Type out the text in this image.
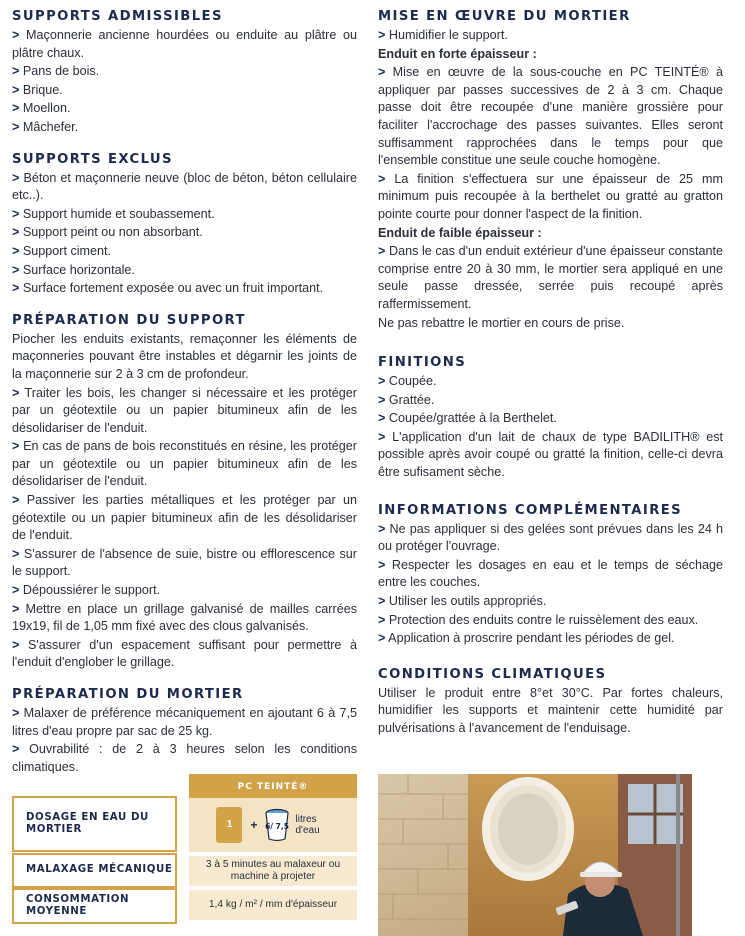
SUPPORTS ADMISSIBLES
> Maçonnerie ancienne hourdées ou enduite au plâtre ou plâtre chaux.
> Pans de bois.
> Brique.
> Moellon.
> Mâchefer.
SUPPORTS EXCLUS
> Béton et maçonnerie neuve (bloc de béton, béton cellulaire etc..).
> Support humide et soubassement.
> Support peint ou non absorbant.
> Support ciment.
> Surface horizontale.
> Surface fortement exposée ou avec un fruit important.
PRÉPARATION DU SUPPORT
Piocher les enduits existants, remaçonner les éléments de maçonneries pouvant être instables et dégarnir les joints de la maçonnerie sur 2 à 3 cm de profondeur.
> Traiter les bois, les changer si nécessaire et les protéger par un géotextile ou un papier bitumineux afin de les désolidariser de l'enduit.
> En cas de pans de bois reconstitués en résine, les protéger par un géotextile ou un papier bitumineux afin de les désolidariser de l'enduit.
> Passiver les parties métalliques et les protéger par un géotextile ou un papier bitumineux afin de les désolidariser de l'enduit.
> S'assurer de l'absence de suie, bistre ou efflorescence sur le support.
> Dépoussiérer le support.
> Mettre en place un grillage galvanisé de mailles carrées 19x19, fil de 1,05 mm fixé avec des clous galvanisés.
> S'assurer d'un espacement suffisant pour permettre à l'enduit d'englober le grillage.
PRÉPARATION DU MORTIER
> Malaxer de préférence mécaniquement en ajoutant 6 à 7,5 litres d'eau propre par sac de 25 kg.
> Ouvrabilité : de 2 à 3 heures selon les conditions climatiques.
MISE EN ŒUVRE DU MORTIER
> Humidifier le support.
Enduit en forte épaisseur :
> Mise en œuvre de la sous-couche en PC TEINTÉ® à appliquer par passes successives de 2 à 3 cm. Chaque passe doit être recoupée d'une manière grossière pour faciliter l'accrochage des passes suivantes. Elles seront suffisamment rapprochées dans le temps pour que l'ensemble constitue une seule couche homogène.
> La finition s'effectuera sur une épaisseur de 25 mm minimum puis recoupée à la berthelet ou gratté au gratton pointe courte pour donner l'aspect de la finition.
Enduit de faible épaisseur :
> Dans le cas d'un enduit extérieur d'une épaisseur constante comprise entre 20 à 30 mm, le mortier sera appliqué en une seule passe dressée, serrée puis recoupé après raffermissement.
Ne pas rebattre le mortier en cours de prise.
FINITIONS
> Coupée.
> Grattée.
> Coupée/grattée à la Berthelet.
> L'application d'un lait de chaux de type BADILITH® est possible après avoir coupé ou gratté la finition, celle-ci devra être sufisament sèche.
INFORMATIONS COMPLÉMENTAIRES
> Ne pas appliquer si des gelées sont prévues dans les 24 h ou protéger l'ouvrage.
> Respecter les dosages en eau et le temps de séchage entre les couches.
> Utiliser les outils appropriés.
> Protection des enduits contre le ruissèlement des eaux.
> Application à proscrire pendant les périodes de gel.
CONDITIONS CLIMATIQUES
Utiliser le produit entre 8°et 30°C. Par fortes chaleurs, humidifier les supports et maintenir cette humidité par pulvérisations à l'avancement de l'enduisage.
PC TEINTÉ®
DOSAGE EN EAU DU MORTIER	1	+ 6/ 7,5
litres d'eau
MALAXAGE MÉCANIQUE
3 à 5 minutes au malaxeur ou machine à projeter
CONSOMMATION MOYENNE
1,4 kg / m² / mm d'épaisseur
